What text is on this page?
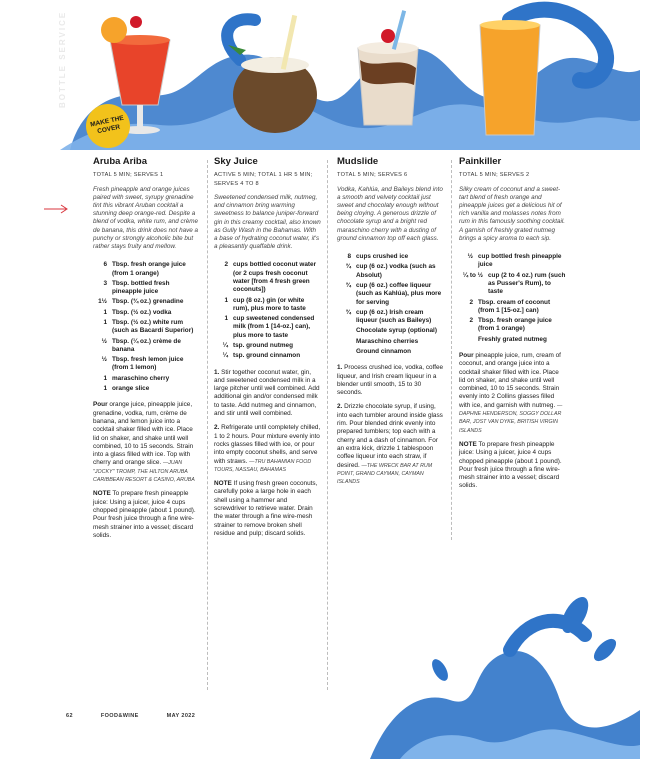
BOTTLE SERVICE
MAKE THE COVER
Aruba Ariba
TOTAL 5 MIN; SERVES 1
Fresh pineapple and orange juices paired with sweet, syrupy grenadine tint this vibrant Aruban cocktail a stunning deep orange-red. Despite a blend of vodka, white rum, and crème de banana, this drink does not have a punchy or strongly alcoholic bite but rather stays fruity and mellow.
6 Tbsp. fresh orange juice (from 1 orange)
3 Tbsp. bottled fresh pineapple juice
1½ Tbsp. (¾ oz.) grenadine
1 Tbsp. (½ oz.) vodka
1 Tbsp. (½ oz.) white rum (such as Bacardí Superior)
½ Tbsp. (¼ oz.) crème de banana
½ Tbsp. fresh lemon juice (from 1 lemon)
1 maraschino cherry
1 orange slice
Pour orange juice, pineapple juice, grenadine, vodka, rum, crème de banana, and lemon juice into a cocktail shaker filled with ice. Place lid on shaker, and shake until well combined, 10 to 15 seconds. Strain into a glass filled with ice. Top with cherry and orange slice. —JUAN "JOCKY" TROMP, THE HILTON ARUBA CARIBBEAN RESORT & CASINO, ARUBA
NOTE To prepare fresh pineapple juice: Using a juicer, juice 4 cups chopped pineapple (about 1 pound). Pour fresh juice through a fine wire-mesh strainer into a vessel; discard solids.
Sky Juice
ACTIVE 5 MIN; TOTAL 1 HR 5 MIN; SERVES 4 TO 8
Sweetened condensed milk, nutmeg, and cinnamon bring warming sweetness to balance juniper-forward gin in this creamy cocktail, also known as Gully Wash in the Bahamas. With a base of hydrating coconut water, it's a pleasantly quaffable drink.
2 cups bottled coconut water (or 2 cups fresh coconut water [from 4 fresh green coconuts])
1 cup (8 oz.) gin (or white rum), plus more to taste
1 cup sweetened condensed milk (from 1 [14-oz.] can), plus more to taste
¼ tsp. ground nutmeg
¼ tsp. ground cinnamon
1. Stir together coconut water, gin, and sweetened condensed milk in a large pitcher until well combined. Add additional gin and/or condensed milk to taste. Add nutmeg and cinnamon, and stir until well combined.
2. Refrigerate until completely chilled, 1 to 2 hours. Pour mixture evenly into rocks glasses filled with ice, or pour into empty coconut shells, and serve with straws. —TRU BAHAMIAN FOOD TOURS, NASSAU, BAHAMAS
NOTE If using fresh green coconuts, carefully poke a large hole in each shell using a hammer and screwdriver to retrieve water. Drain the water through a fine wire-mesh strainer to remove broken shell residue and pulp; discard solids.
Mudslide
TOTAL 5 MIN; SERVES 6
Vodka, Kahlúa, and Baileys blend into a smooth and velvety cocktail just sweet and chocolaty enough without being cloying. A generous drizzle of chocolate syrup and a bright red maraschino cherry with a dusting of ground cinnamon top off each glass.
8 cups crushed ice
¾ cup (6 oz.) vodka (such as Absolut)
¾ cup (6 oz.) coffee liqueur (such as Kahlúa), plus more for serving
¾ cup (6 oz.) Irish cream liqueur (such as Baileys)
Chocolate syrup (optional)
Maraschino cherries
Ground cinnamon
1. Process crushed ice, vodka, coffee liqueur, and Irish cream liqueur in a blender until smooth, 15 to 30 seconds.
2. Drizzle chocolate syrup, if using, into each tumbler around inside glass rim. Pour blended drink evenly into prepared tumblers; top each with a cherry and a dash of cinnamon. For an extra kick, drizzle 1 tablespoon coffee liqueur into each straw, if desired. —THE WRECK BAR AT RUM POINT, GRAND CAYMAN, CAYMAN ISLANDS
Painkiller
TOTAL 5 MIN; SERVES 2
Silky cream of coconut and a sweet-tart blend of fresh orange and pineapple juices get a delicious hit of rich vanilla and molasses notes from rum in this famously soothing cocktail. A garnish of freshly grated nutmeg brings a spicy aroma to each sip.
½ cup bottled fresh pineapple juice
¼ to ½ cup (2 to 4 oz.) rum (such as Pusser's Rum), to taste
2 Tbsp. cream of coconut (from 1 [15-oz.] can)
2 Tbsp. fresh orange juice (from 1 orange)
Freshly grated nutmeg
Pour pineapple juice, rum, cream of coconut, and orange juice into a cocktail shaker filled with ice. Place lid on shaker, and shake until well combined, 10 to 15 seconds. Strain evenly into 2 Collins glasses filled with ice, and garnish with nutmeg. —DAPHNE HENDERSON, SOGGY DOLLAR BAR, JOST VAN DYKE, BRITISH VIRGIN ISLANDS
NOTE To prepare fresh pineapple juice: Using a juicer, juice 4 cups chopped pineapple (about 1 pound). Pour fresh juice through a fine wire-mesh strainer into a vessel; discard solids.
62	FOOD&WINE	MAY 2022
